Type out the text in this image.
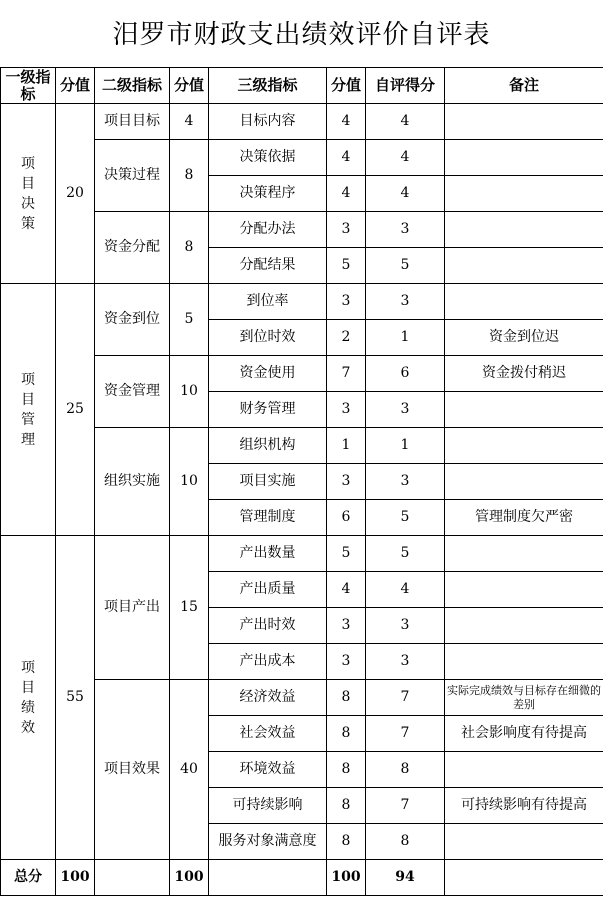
汨罗市财政支出绩效评价自评表
一级指标	分值	二级指标	分值	三级指标	分值	自评得分	备注

项目决策	20	项目目标	4	目标内容	4	4	
		决策过程	8	决策依据	4	4	
				决策程序	4	4	
		资金分配	8	分配办法	3	3	
				分配结果	5	5	

项目管理	25	资金到位	5	到位率	3	3	
				到位时效	2	1	资金到位迟
		资金管理	10	资金使用	7	6	资金拨付稍迟
				财务管理	3	3	
		组织实施	10	组织机构	1	1	
				项目实施	3	3	
				管理制度	6	5	管理制度欠严密

项目绩效	55	项目产出	15	产出数量	5	5	
				产出质量	4	4	
				产出时效	3	3	
				产出成本	3	3	
		项目效果	40	经济效益	8	7	实际完成绩效与目标存在细微的差别
				社会效益	8	7	社会影响度有待提高
				环境效益	8	8	
				可持续影响	8	7	可持续影响有待提高
				服务对象满意度	8	8	
总分	100		100		100	94	
